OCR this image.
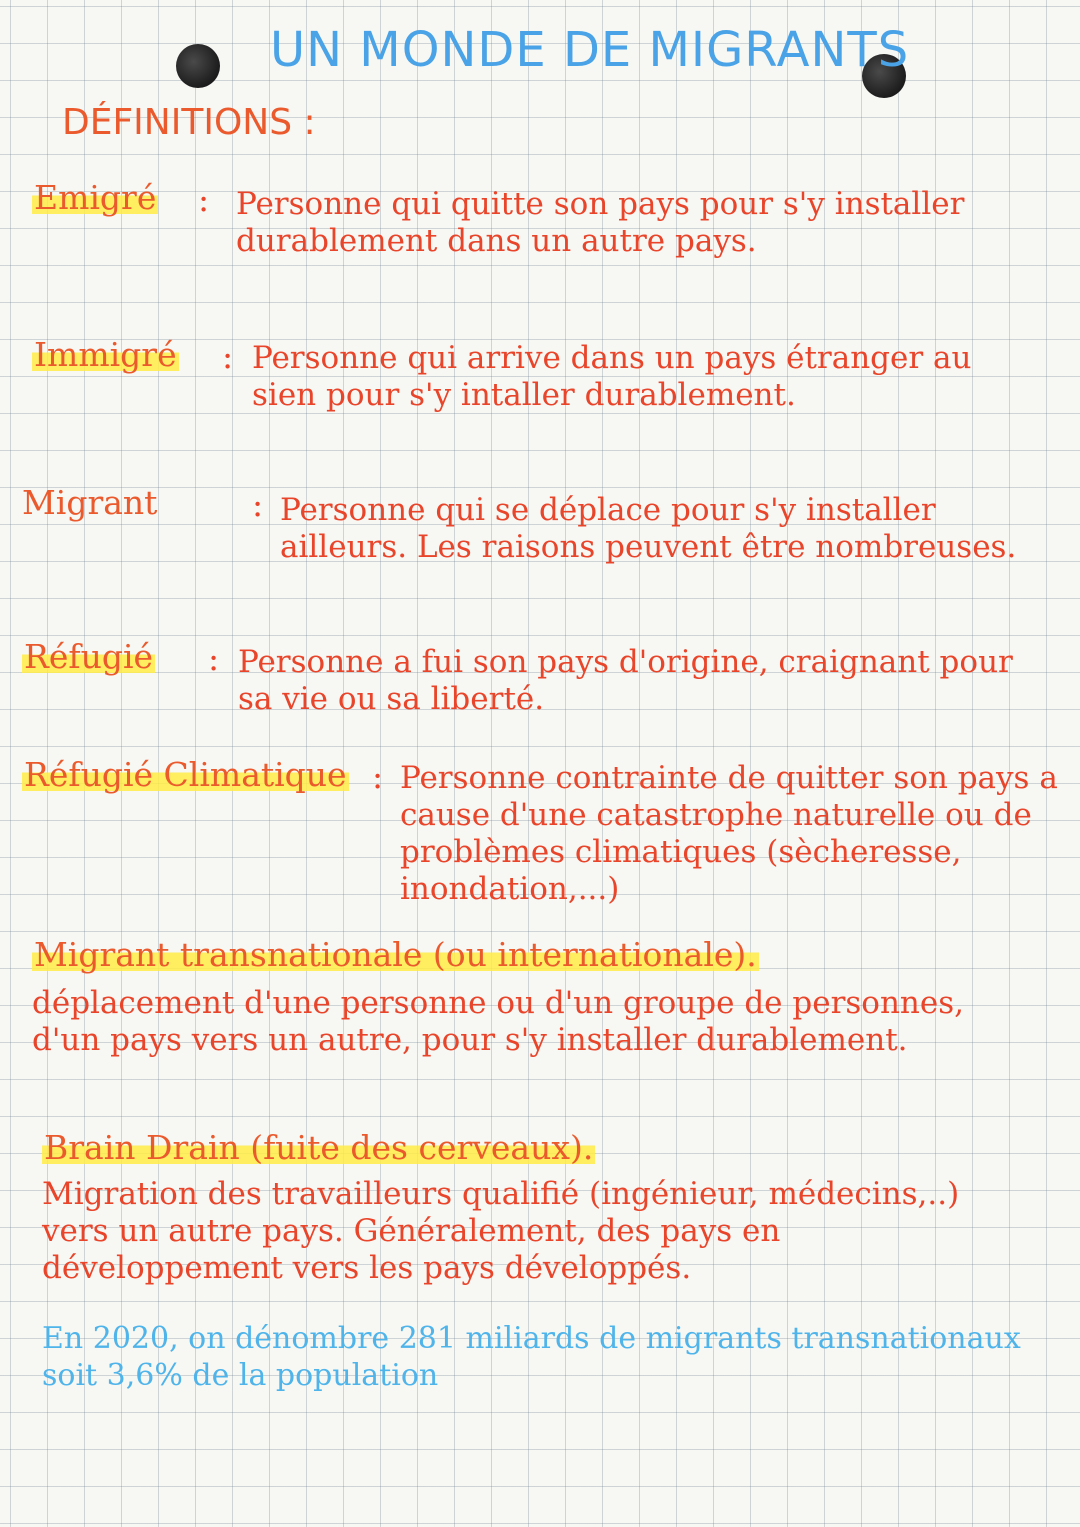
UN MONDE DE MIGRANTS
DÉFINITIONS :
Emigré : Personne qui quitte son pays pour s'y installer durablement dans un autre pays.
Immigré : Personne qui arrive dans un pays étranger au sien pour s'y intaller durablement.
Migrant	: Personne qui se déplace pour s'y installer ailleurs. Les raisons peuvent être nombreuses.
Réfugié : Personne a fui son pays d'origine, craignant pour sa vie ou sa liberté.
Réfugié Climatique : Personne contrainte de quitter son pays a cause d'une catastrophe naturelle ou de problèmes climatiques (sècheresse, inondation,...)
Migrant transnationale (ou internationale).
déplacement d'une personne ou d'un groupe de personnes, d'un pays vers un autre, pour s'y installer durablement.
Brain Drain (fuite des cerveaux).
Migration des travailleurs qualifié (ingénieur, médecins,..) vers un autre pays. Généralement, des pays en développement vers les pays développés.
En 2020, on dénombre 281 miliards de migrants transnationaux soit 3,6% de la population
